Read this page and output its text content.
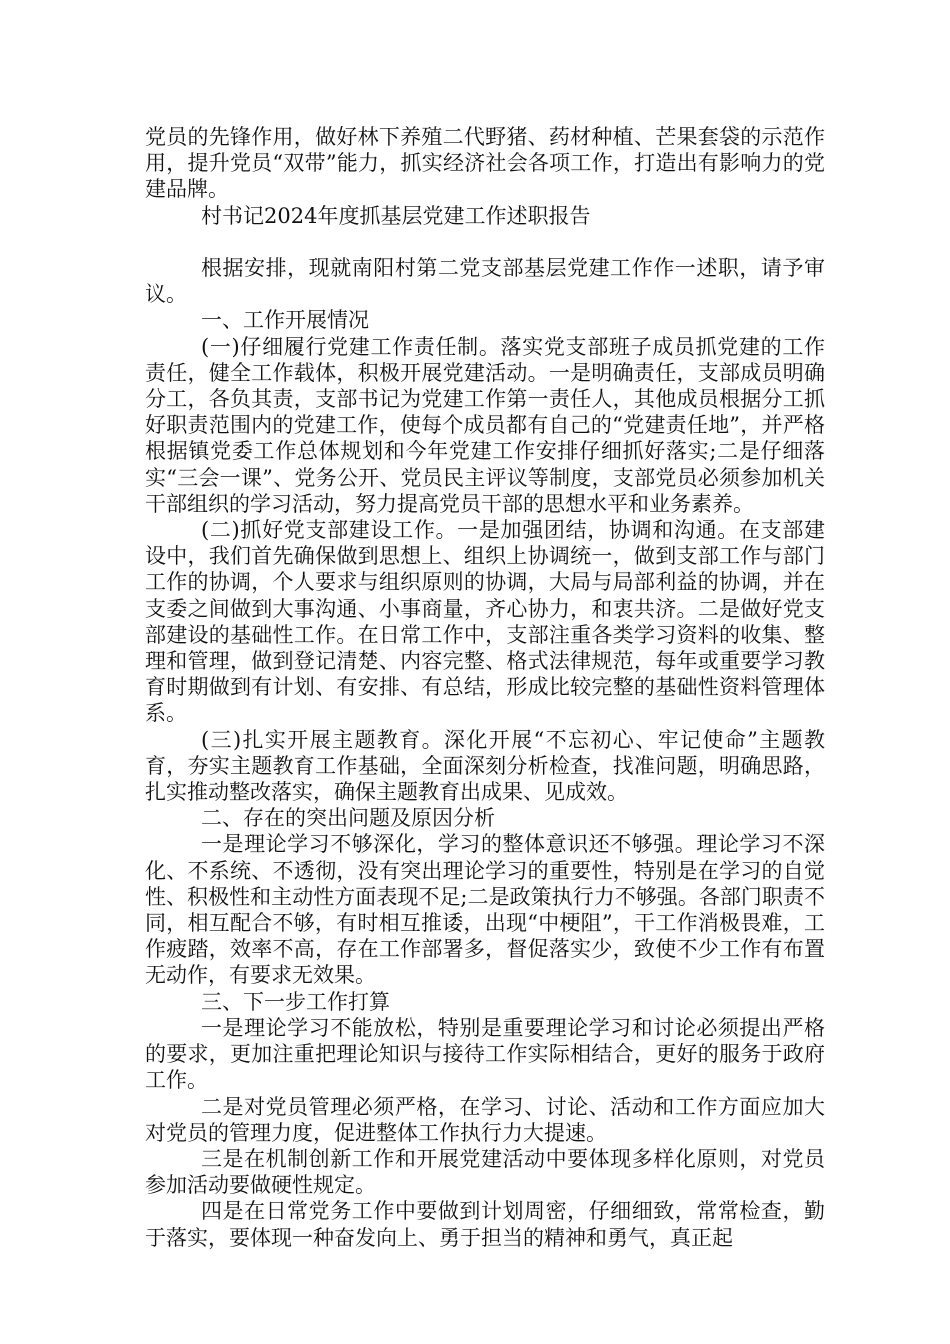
党员的先锋作用，做好林下养殖二代野猪、药材种植、芒果套袋的示范作用，提升党员“双带”能力，抓实经济社会各项工作，打造出有影响力的党建品牌。

村书记2024年度抓基层党建工作述职报告

根据安排，现就南阳村第二党支部基层党建工作作一述职，请予审议。

一、工作开展情况

(一)仔细履行党建工作责任制。落实党支部班子成员抓党建的工作责任，健全工作载体，积极开展党建活动。一是明确责任，支部成员明确分工，各负其责，支部书记为党建工作第一责任人，其他成员根据分工抓好职责范围内的党建工作，使每个成员都有自己的“党建责任地”，并严格根据镇党委工作总体规划和今年党建工作安排仔细抓好落实;二是仔细落实“三会一课”、党务公开、党员民主评议等制度，支部党员必须参加机关干部组织的学习活动，努力提高党员干部的思想水平和业务素养。

(二)抓好党支部建设工作。一是加强团结，协调和沟通。在支部建设中，我们首先确保做到思想上、组织上协调统一，做到支部工作与部门工作的协调，个人要求与组织原则的协调，大局与局部利益的协调，并在支委之间做到大事沟通、小事商量，齐心协力，和衷共济。二是做好党支部建设的基础性工作。在日常工作中，支部注重各类学习资料的收集、整理和管理，做到登记清楚、内容完整、格式法律规范，每年或重要学习教育时期做到有计划、有安排、有总结，形成比较完整的基础性资料管理体系。

(三)扎实开展主题教育。深化开展“不忘初心、牢记使命”主题教育，夯实主题教育工作基础，全面深刻分析检查，找准问题，明确思路，扎实推动整改落实，确保主题教育出成果、见成效。

二、存在的突出问题及原因分析

一是理论学习不够深化，学习的整体意识还不够强。理论学习不深化、不系统、不透彻，没有突出理论学习的重要性，特别是在学习的自觉性、积极性和主动性方面表现不足;二是政策执行力不够强。各部门职责不同，相互配合不够，有时相互推诿，出现“中梗阻”，干工作消极畏难，工作疲踏，效率不高，存在工作部署多，督促落实少，致使不少工作有布置无动作，有要求无效果。

三、下一步工作打算

一是理论学习不能放松，特别是重要理论学习和讨论必须提出严格的要求，更加注重把理论知识与接待工作实际相结合，更好的服务于政府工作。

二是对党员管理必须严格，在学习、讨论、活动和工作方面应加大对党员的管理力度，促进整体工作执行力大提速。

三是在机制创新工作和开展党建活动中要体现多样化原则，对党员参加活动要做硬性规定。

四是在日常党务工作中要做到计划周密，仔细细致，常常检查，勤于落实，要体现一种奋发向上、勇于担当的精神和勇气，真正起
